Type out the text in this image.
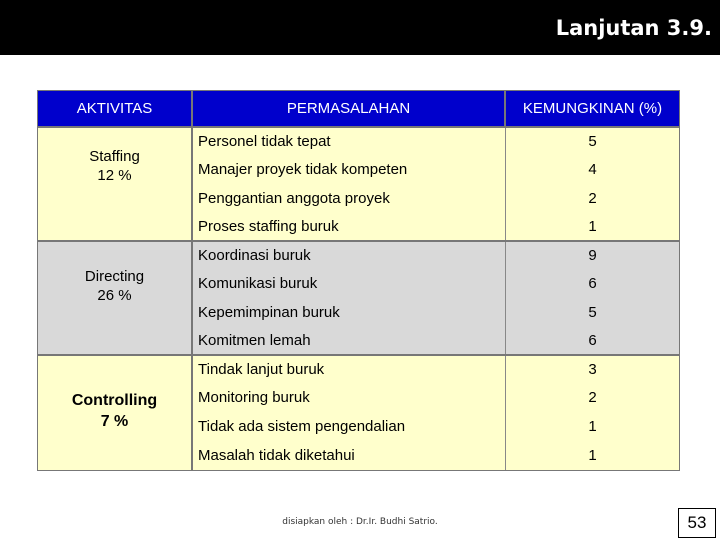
Lanjutan 3.9.
AKTIVITAS	PERMASALAHAN	KEMUNGKINAN (%)
Staffing
12 %
Personel tidak tepat	5
Manajer proyek tidak kompeten	4
Penggantian anggota proyek	2
Proses staffing buruk	1
Directing
26 %
Koordinasi buruk	9
Komunikasi buruk	6
Kepemimpinan buruk	5
Komitmen lemah	6
Controlling
7 %
Tindak lanjut buruk	3
Monitoring buruk	2
Tidak ada sistem pengendalian	1
Masalah tidak diketahui	1
disiapkan oleh : Dr.Ir. Budhi Satrio.	53
